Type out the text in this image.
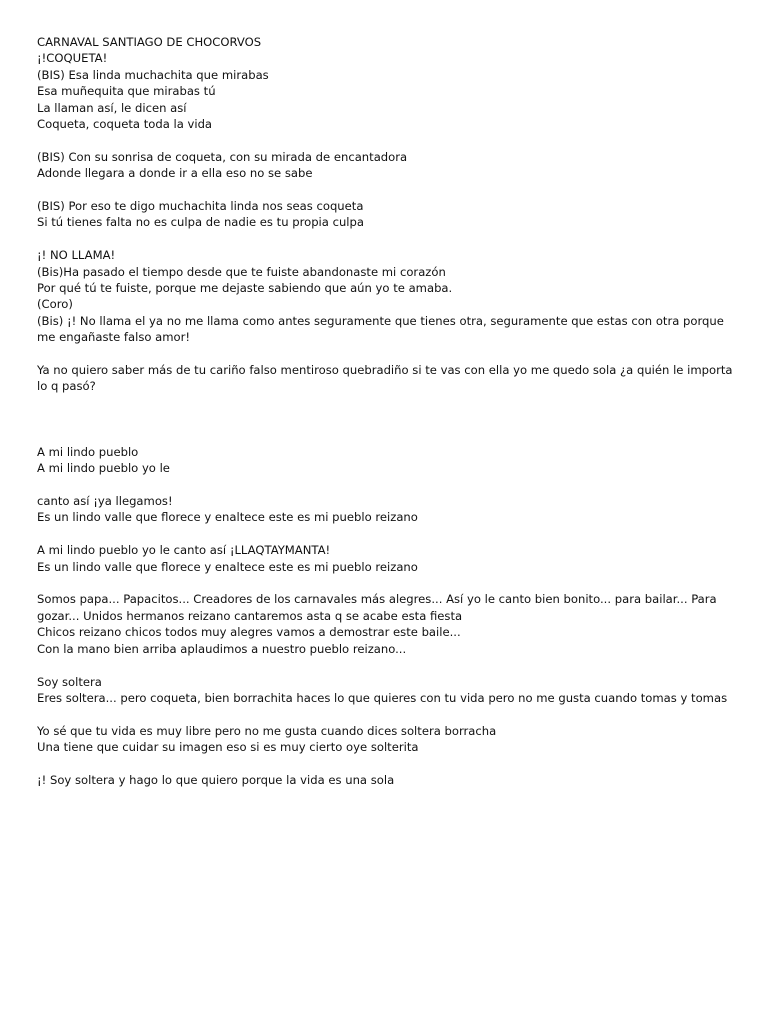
CARNAVAL SANTIAGO DE CHOCORVOS
¡!COQUETA!
(BIS) Esa linda muchachita que mirabas
Esa muñequita que mirabas tú
La llaman así, le dicen así
Coqueta, coqueta toda la vida
(BIS) Con su sonrisa de coqueta, con su mirada de encantadora
Adonde llegara a donde ir a ella eso no se sabe
(BIS) Por eso te digo muchachita linda nos seas coqueta
Si tú tienes falta no es culpa de nadie es tu propia culpa
¡! NO LLAMA!
(Bis)Ha pasado el tiempo desde que te fuiste abandonaste mi corazón
Por qué tú te fuiste, porque me dejaste sabiendo que aún yo te amaba.
(Coro)
(Bis) ¡! No llama el ya no me llama como antes seguramente que tienes otra, seguramente que estas con otra porque me engañaste falso amor!
Ya no quiero saber más de tu cariño falso mentiroso quebradiño si te vas con ella yo me quedo sola ¿a quién le importa lo q pasó?
A mi lindo pueblo
A mi lindo pueblo yo le
canto así ¡ya llegamos!
Es un lindo valle que florece y enaltece este es mi pueblo reizano
A mi lindo pueblo yo le canto así ¡LLAQTAYMANTA!
Es un lindo valle que florece y enaltece este es mi pueblo reizano
Somos papa... Papacitos... Creadores de los carnavales más alegres... Así yo le canto bien bonito... para bailar... Para gozar... Unidos hermanos reizano cantaremos asta q se acabe esta fiesta
Chicos reizano chicos todos muy alegres vamos a demostrar este baile...
Con la mano bien arriba aplaudimos a nuestro pueblo reizano...
Soy soltera
Eres soltera... pero coqueta, bien borrachita haces lo que quieres con tu vida pero no me gusta cuando tomas y tomas
Yo sé que tu vida es muy libre pero no me gusta cuando dices soltera borracha
Una tiene que cuidar su imagen eso si es muy cierto oye solterita
¡! Soy soltera y hago lo que quiero porque la vida es una sola
